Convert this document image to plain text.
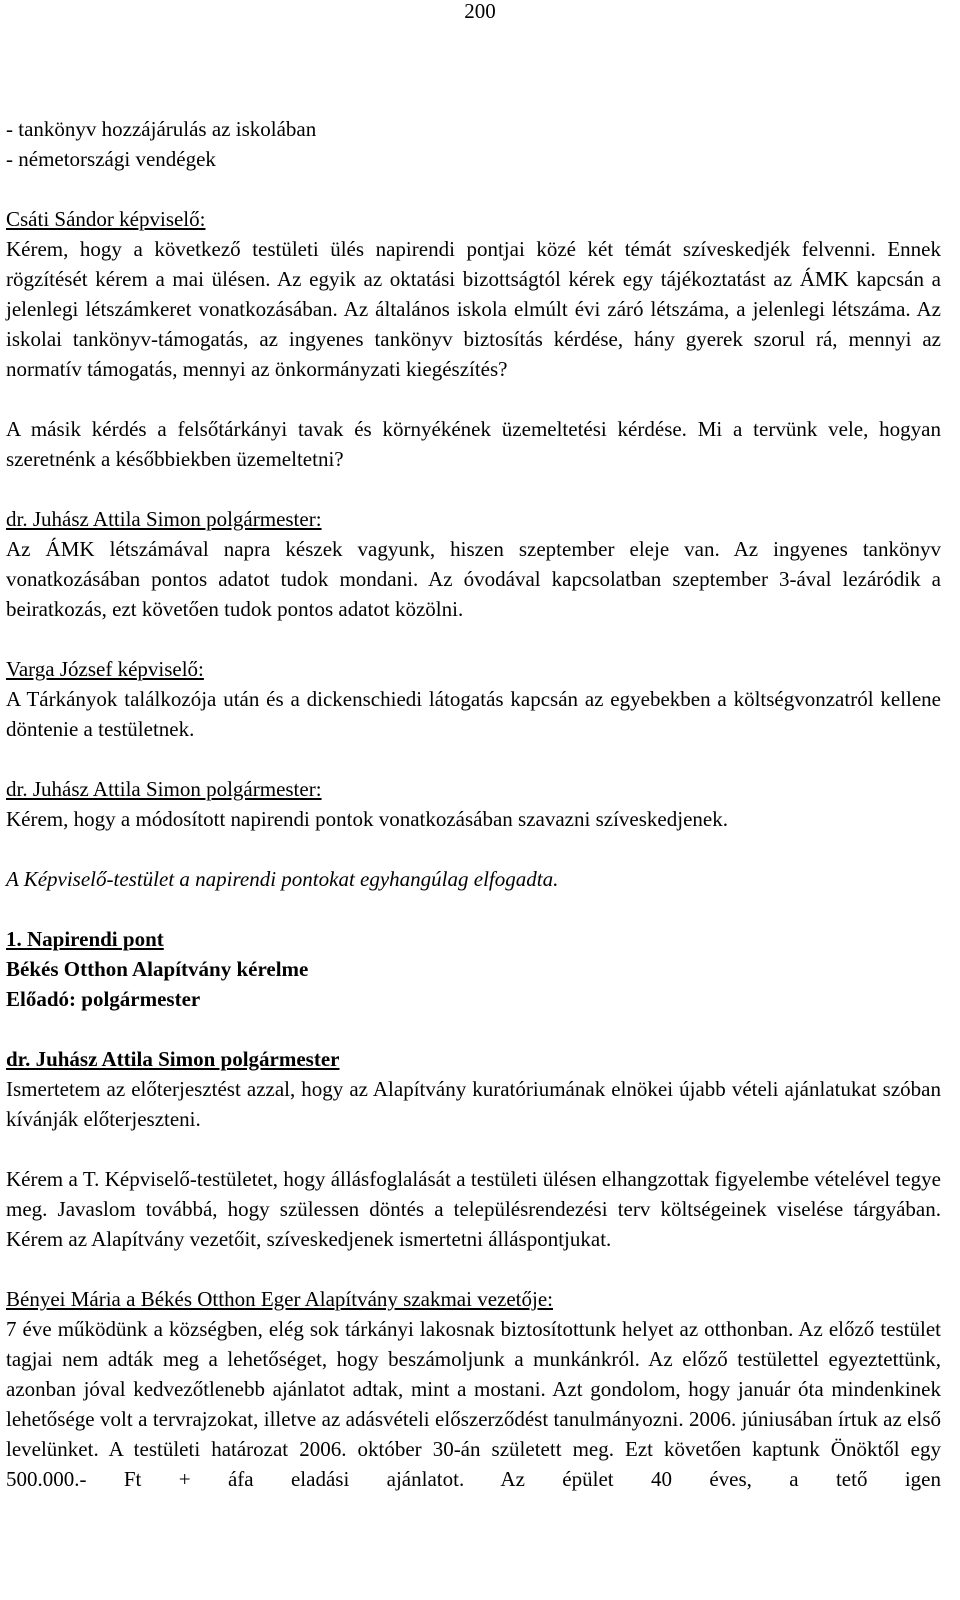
200

- tankönyv hozzájárulás az iskolában

- németországi vendégek

Csáti Sándor képviselő:

Kérem, hogy a következő testületi ülés napirendi pontjai közé két témát szíveskedjék felvenni. Ennek rögzítését kérem a mai ülésen. Az egyik az oktatási bizottságtól kérek egy tájékoztatást az ÁMK kapcsán a jelenlegi létszámkeret vonatkozásában. Az általános iskola elmúlt évi záró létszáma, a jelenlegi létszáma. Az iskolai tankönyv-támogatás, az ingyenes tankönyv biztosítás kérdése, hány gyerek szorul rá, mennyi az normatív támogatás, mennyi az önkormányzati kiegészítés?

A másik kérdés a felsőtárkányi tavak és környékének üzemeltetési kérdése. Mi a tervünk vele, hogyan szeretnénk a későbbiekben üzemeltetni?

dr. Juhász Attila Simon polgármester:

Az ÁMK létszámával napra készek vagyunk, hiszen szeptember eleje van. Az ingyenes tankönyv vonatkozásában pontos adatot tudok mondani. Az óvodával kapcsolatban szeptember 3-ával lezáródik a beiratkozás, ezt követően tudok pontos adatot közölni.

Varga József képviselő:

A Tárkányok találkozója után és a dickenschiedi látogatás kapcsán az egyebekben a költségvonzatról kellene döntenie a testületnek.

dr. Juhász Attila Simon polgármester:

Kérem, hogy a módosított napirendi pontok vonatkozásában szavazni szíveskedjenek.

A Képviselő-testület a napirendi pontokat egyhangúlag elfogadta.

1. Napirendi pont

Békés Otthon Alapítvány kérelme

Előadó: polgármester

dr. Juhász Attila Simon polgármester

Ismertetem az előterjesztést azzal, hogy az Alapítvány kuratóriumának elnökei újabb vételi ajánlatukat szóban kívánják előterjeszteni.

Kérem a T. Képviselő-testületet, hogy állásfoglalását a testületi ülésen elhangzottak figyelembe vételével tegye meg. Javaslom továbbá, hogy szülessen döntés a településrendezési terv költségeinek viselése tárgyában. Kérem az Alapítvány vezetőit, szíveskedjenek ismertetni álláspontjukat.

Bényei Mária a Békés Otthon Eger Alapítvány szakmai vezetője:

7 éve működünk a községben, elég sok tárkányi lakosnak biztosítottunk helyet az otthonban. Az előző testület tagjai nem adták meg a lehetőséget, hogy beszámoljunk a munkánkról. Az előző testülettel egyeztettünk, azonban jóval kedvezőtlenebb ajánlatot adtak, mint a mostani. Azt gondolom, hogy január óta mindenkinek lehetősége volt a tervrajzokat, illetve az adásvételi előszerződést tanulmányozni. 2006. júniusában írtuk az első levelünket. A testületi határozat 2006. október 30-án született meg. Ezt követően kaptunk Önöktől egy 500.000.- Ft + áfa eladási ajánlatot. Az épület 40 éves, a tető igen
